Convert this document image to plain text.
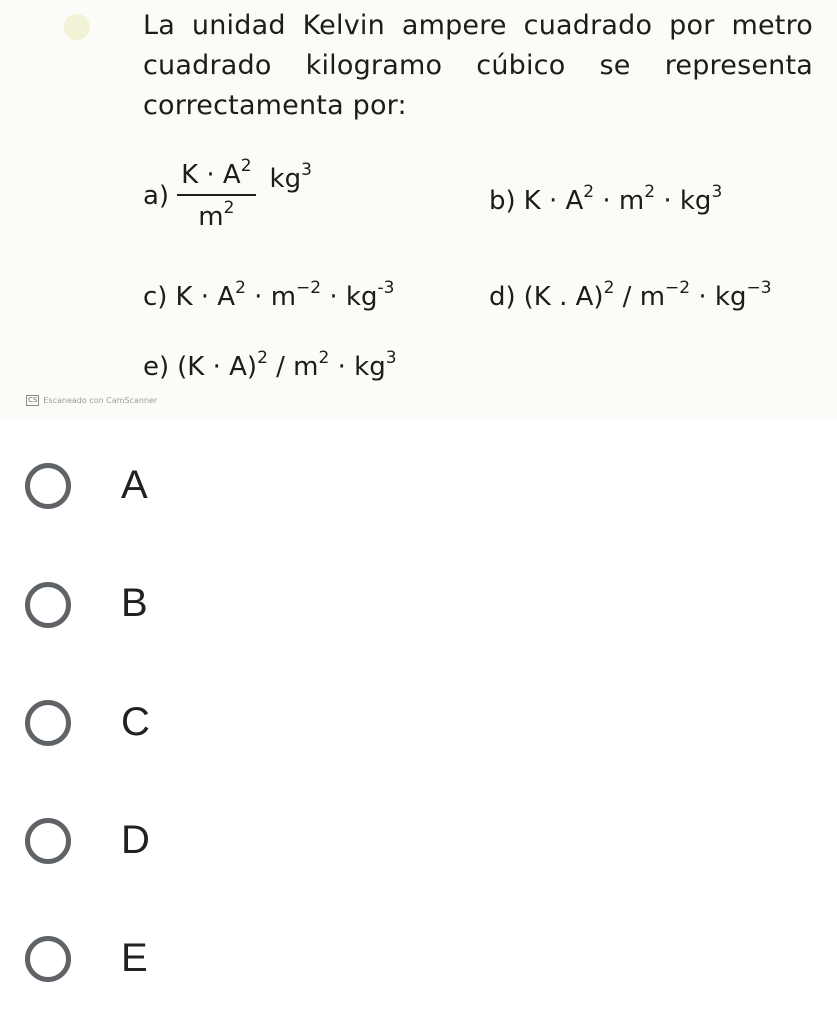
La unidad Kelvin ampere cuadrado por metro cuadrado kilogramo cúbico se representa correctamenta por:
$a) \frac{K \cdot A^2}{m^2} kg^3$
b) $K \cdot A^2 \cdot m^2 \cdot kg^3$
c) $K \cdot A^2 \cdot m^{-2} \cdot kg^{-3}$	d) (K . $A)^2 / m^{-2} \cdot kg^{-3}$
e) $(K \cdot A)^2 / m^2 \cdot kg^3$
CS Escaneado con CamScanner
A
B
C
D
E
